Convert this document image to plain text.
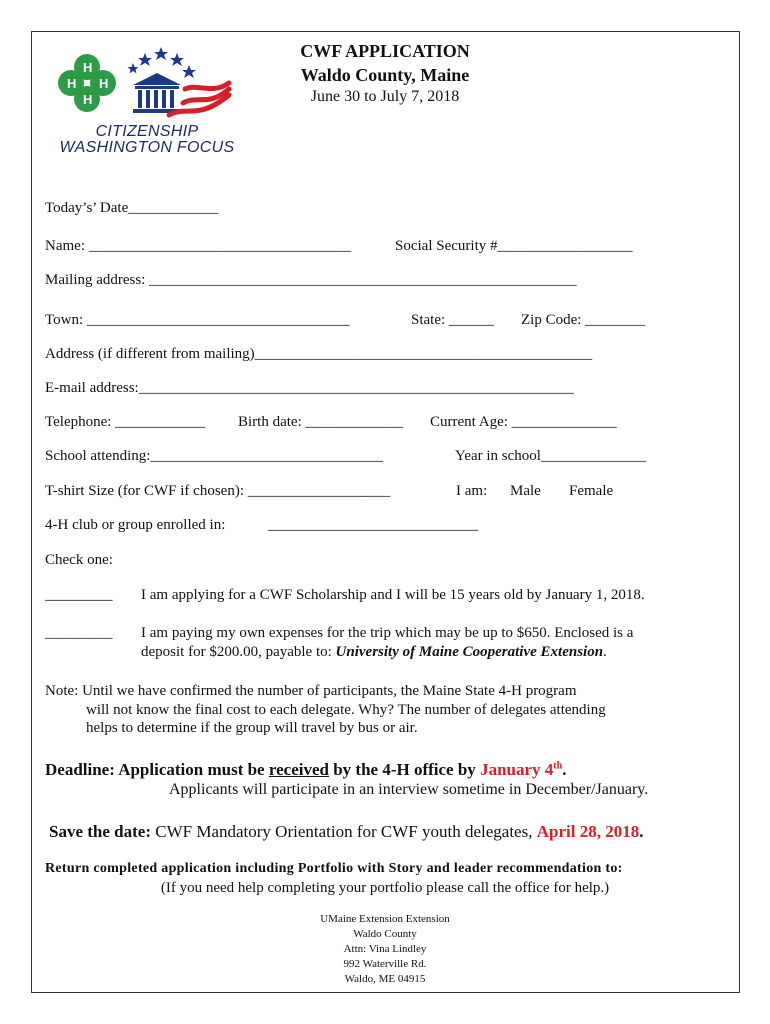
H
H H
H
CITIZENSHIP
WASHINGTON FOCUS
CWF APPLICATION
Waldo County, Maine
June 30 to July 7, 2018
Today’s’ Date____________
Name: ___________________________________	Social Security #__________________
Mailing address: _________________________________________________________
Town: ___________________________________	State: ______ Zip Code: ________
Address (if different from mailing)_____________________________________________
E-mail address:__________________________________________________________
Telephone: ____________ Birth date: _____________ Current Age: ______________
School attending:_______________________________	Year in school______________
T-shirt Size (for CWF if chosen): ___________________	I am: Male Female
4-H club or group enrolled in:	____________________________
Check one:
_________ I am applying for a CWF Scholarship and I will be 15 years old by January 1, 2018.
_________ I am paying my own expenses for the trip which may be up to $650. Enclosed is a
deposit for $200.00, payable to: University of Maine Cooperative Extension.
Note: Until we have confirmed the number of participants, the Maine State 4-H program
will not know the final cost to each delegate. Why? The number of delegates attending
helps to determine if the group will travel by bus or air.
Deadline: Application must be received by the 4-H office by January 4th.
Applicants will participate in an interview sometime in December/January.
Save the date: CWF Mandatory Orientation for CWF youth delegates, April 28, 2018.
Return completed application including Portfolio with Story and leader recommendation to:
(If you need help completing your portfolio please call the office for help.)
UMaine Extension Extension
Waldo County
Attn: Vina Lindley
992 Waterville Rd.
Waldo, ME 04915
